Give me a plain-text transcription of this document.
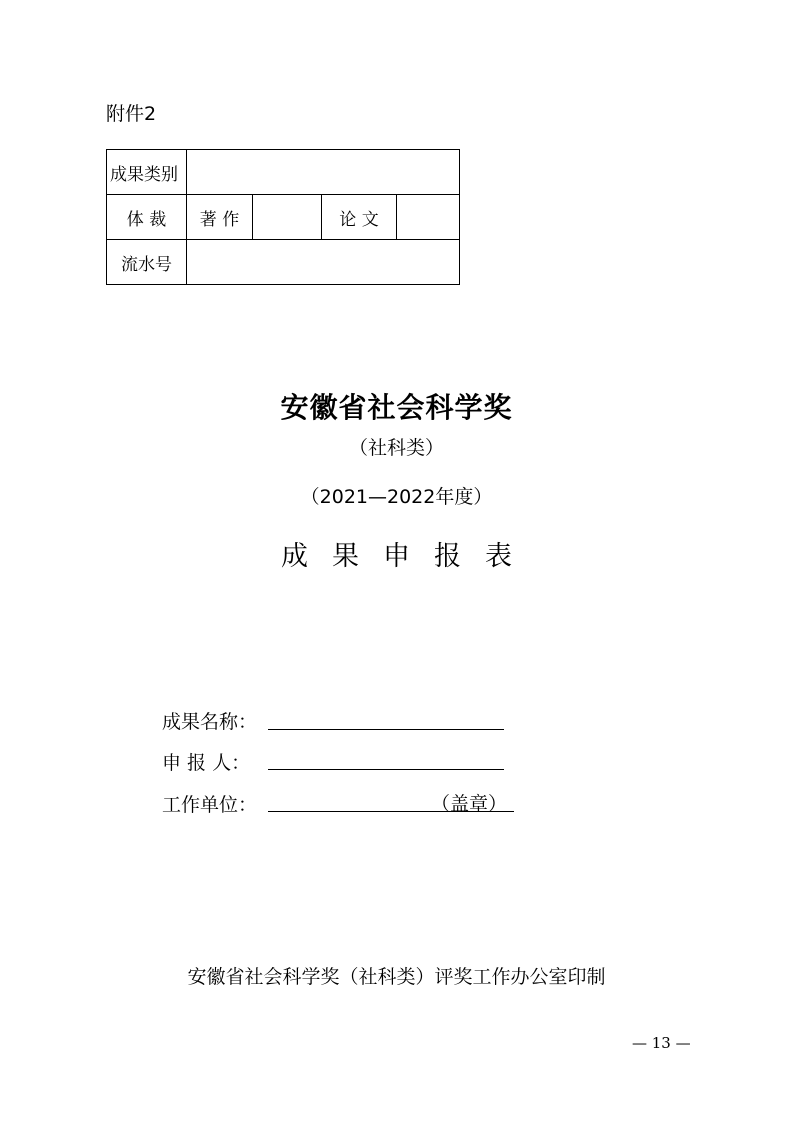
附件2
成果类别				
体 裁	著 作		论 文	
流水号				
安徽省社会科学奖
（社科类）
（2021—2022年度）
成果申报表
成果名称：
申 报 人：
工作单位：	（盖章）
安徽省社会科学奖（社科类）评奖工作办公室印制
— 13 —
